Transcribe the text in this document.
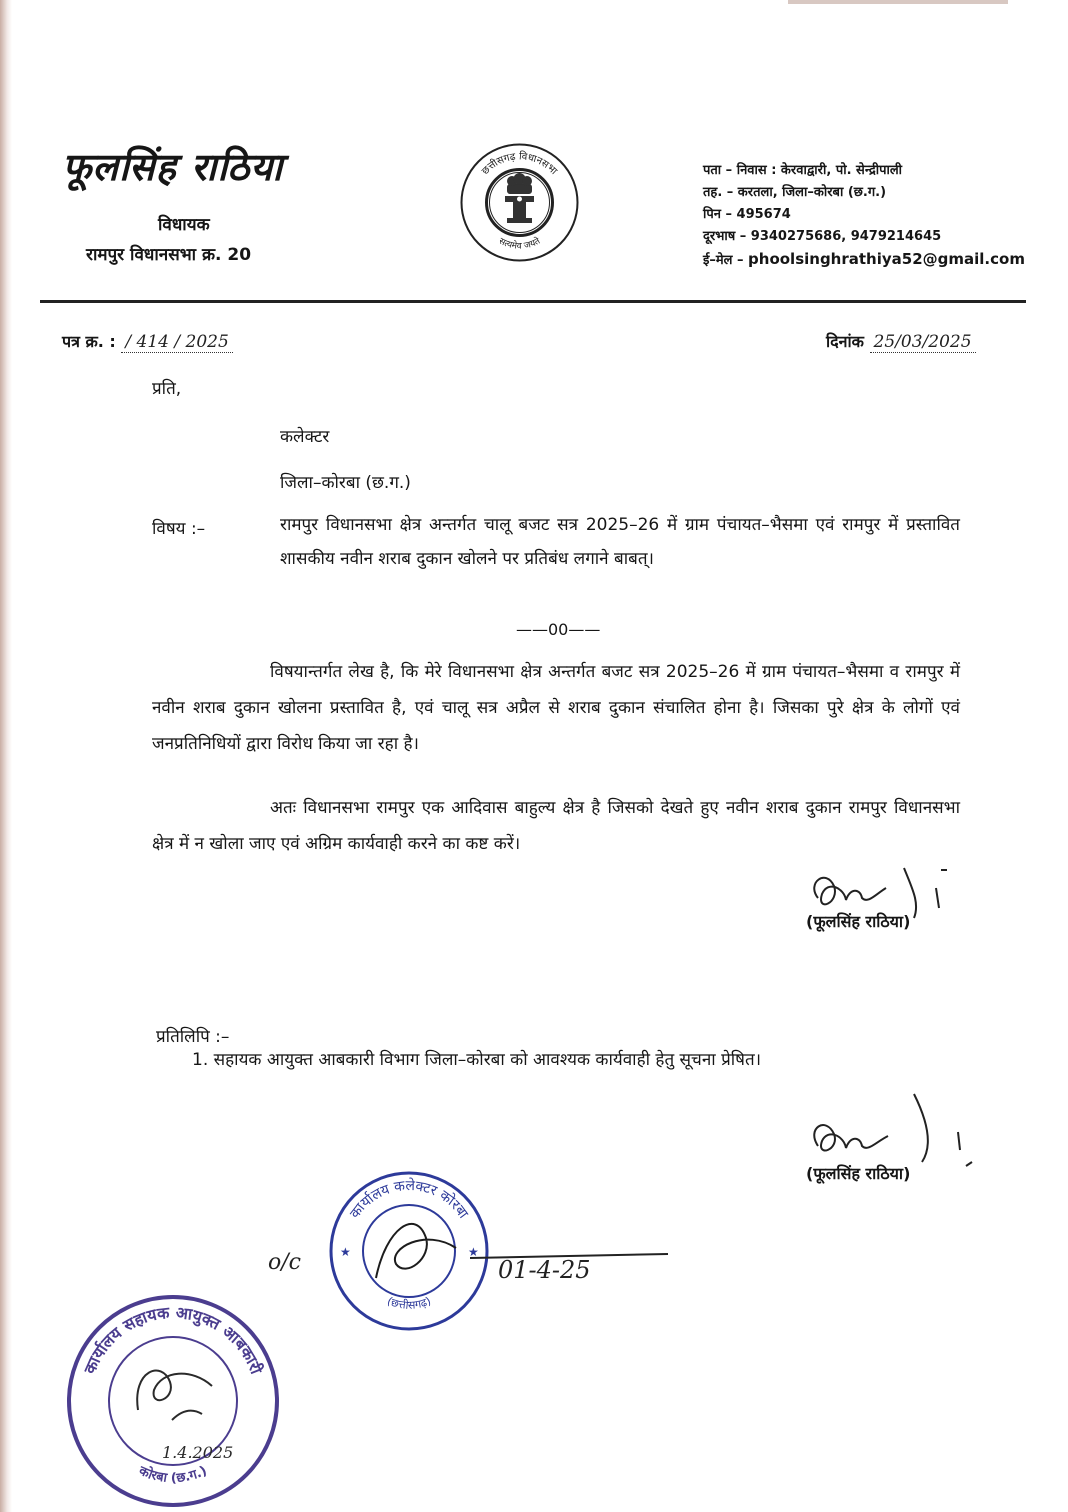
फूलसिंह राठिया
विधायक
रामपुर विधानसभा क्र. 20
छत्तीसगढ़ विधानसभा
सत्यमेव जयते
पता – निवास : केरवाद्वारी, पो. सेन्द्रीपाली
तह. – करतला, जिला–कोरबा (छ.ग.)
पिन – 495674
दूरभाष – 9340275686, 9479214645
ई–मेल – phoolsinghrathiya52@gmail.com
पत्र क्र. : / 414 / 2025	दिनांक 25/03/2025
प्रति,
कलेक्टर
जिला–कोरबा (छ.ग.)
विषय :–	रामपुर विधानसभा क्षेत्र अन्तर्गत चालू बजट सत्र 2025–26 में ग्राम पंचायत–भैसमा एवं रामपुर में प्रस्तावित शासकीय नवीन शराब दुकान खोलने पर प्रतिबंध लगाने बाबत्।
——00——
विषयान्तर्गत लेख है, कि मेरे विधानसभा क्षेत्र अन्तर्गत बजट सत्र 2025–26 में ग्राम पंचायत–भैसमा व रामपुर में नवीन शराब दुकान खोलना प्रस्तावित है, एवं चालू सत्र अप्रैल से शराब दुकान संचालित होना है। जिसका पुरे क्षेत्र के लोगों एवं जनप्रतिनिधियों द्वारा विरोध किया जा रहा है।
अतः विधानसभा रामपुर एक आदिवास बाहुल्य क्षेत्र है जिसको देखते हुए नवीन शराब दुकान रामपुर विधानसभा क्षेत्र में न खोला जाए एवं अग्रिम कार्यवाही करने का कष्ट करें।
(फूलसिंह राठिया)
प्रतिलिपि :–
1. सहायक आयुक्त आबकारी विभाग जिला–कोरबा को आवश्यक कार्यवाही हेतु सूचना प्रेषित।
(फूलसिंह राठिया)
कार्यालय कलेक्टर कोरबा
(छत्तीसगढ़)
★	★
o/c	01-4-25
कार्यालय सहायक आयुक्त आबकारी
कोरबा (छ.ग.)
1.4.2025
